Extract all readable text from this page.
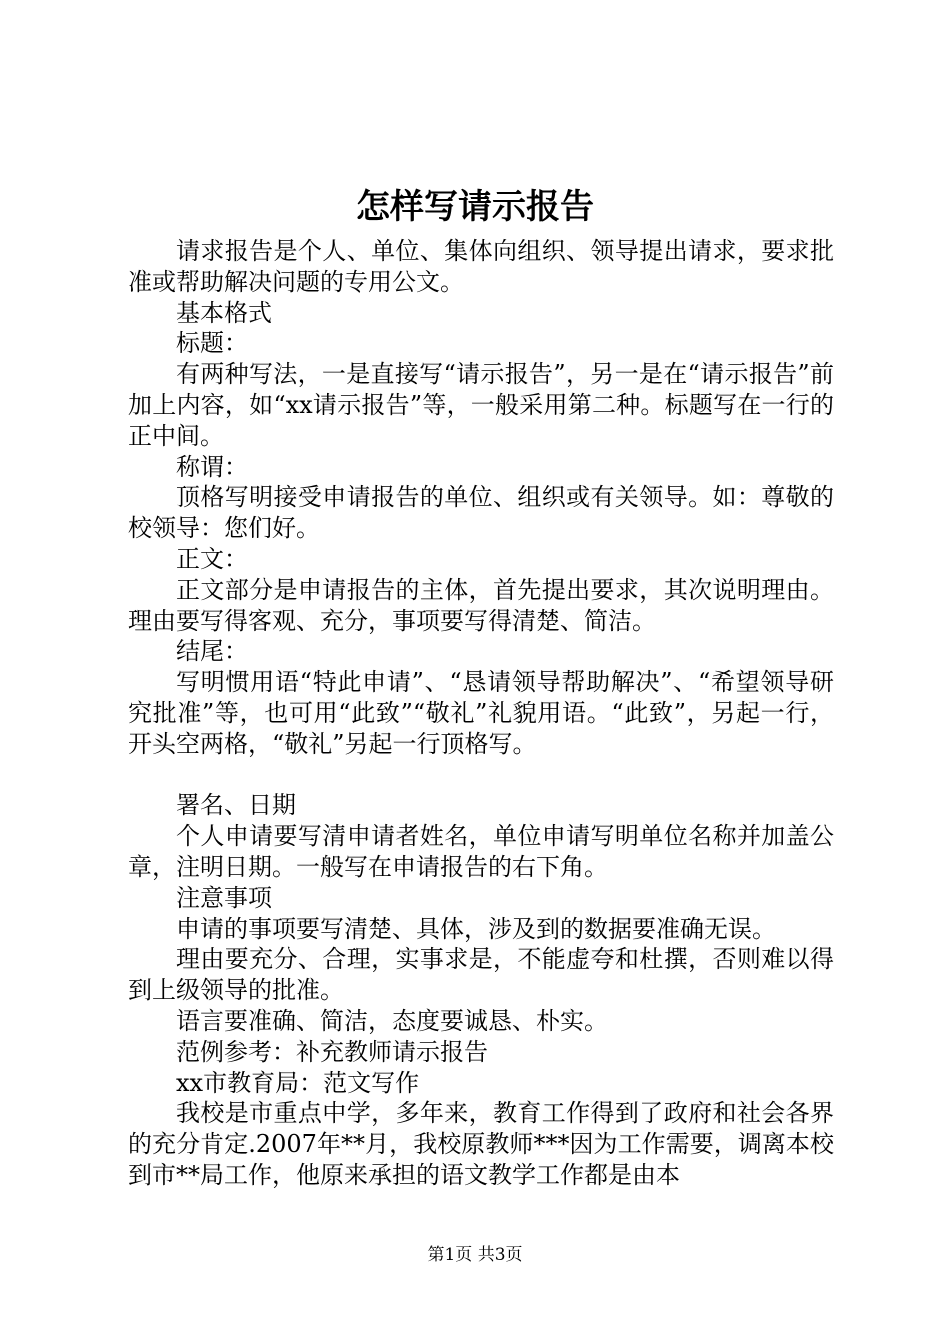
怎样写请示报告

请求报告是个人、单位、集体向组织、领导提出请求，要求批准或帮助解决问题的专用公文。

基本格式

标题：

有两种写法，一是直接写“请示报告”，另一是在“请示报告”前加上内容，如“xx请示报告”等，一般采用第二种。标题写在一行的正中间。

称谓：

顶格写明接受申请报告的单位、组织或有关领导。如：尊敬的校领导：您们好。

正文：

正文部分是申请报告的主体，首先提出要求，其次说明理由。理由要写得客观、充分，事项要写得清楚、简洁。

结尾：

写明惯用语“特此申请”、“恳请领导帮助解决”、“希望领导研究批准”等，也可用“此致”“敬礼”礼貌用语。“此致”，另起一行，开头空两格，“敬礼”另起一行顶格写。

署名、日期

个人申请要写清申请者姓名，单位申请写明单位名称并加盖公章，注明日期。一般写在申请报告的右下角。

注意事项

申请的事项要写清楚、具体，涉及到的数据要准确无误。

理由要充分、合理，实事求是，不能虚夸和杜撰，否则难以得到上级领导的批准。

语言要准确、简洁，态度要诚恳、朴实。

范例参考：补充教师请示报告

xx市教育局：范文写作

我校是市重点中学，多年来，教育工作得到了政府和社会各界的充分肯定.2007年**月，我校原教师***因为工作需要，调离本校到市**局工作，他原来承担的语文教学工作都是由本

第1页 共3页
